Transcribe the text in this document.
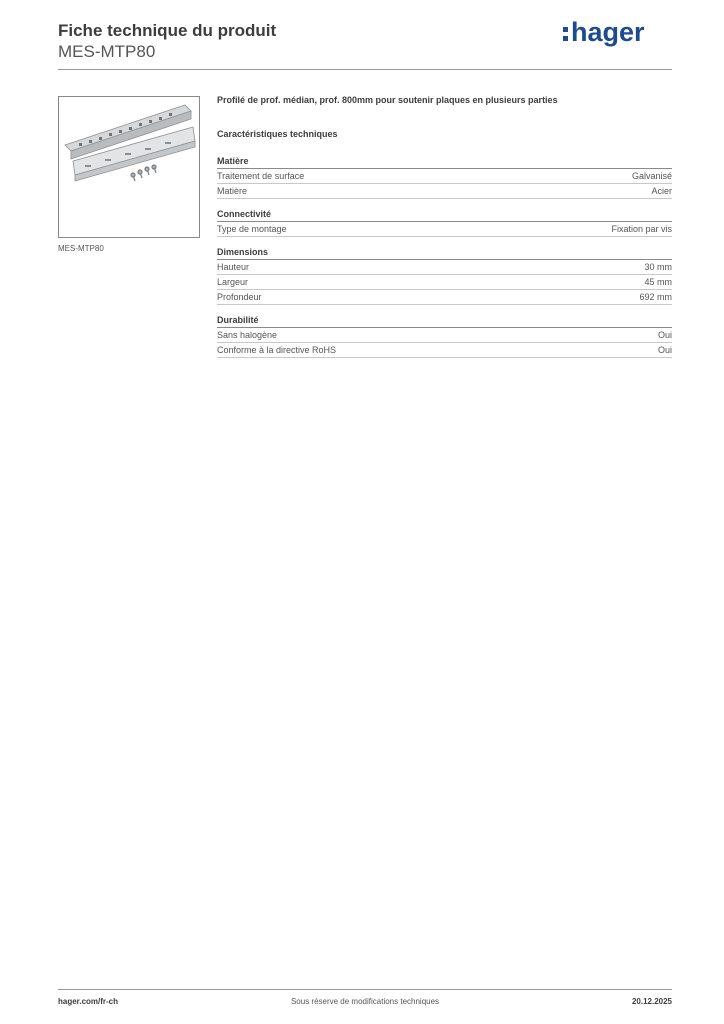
Fiche technique du produit
MES-MTP80
hager
MES-MTP80

Profilé de prof. médian, prof. 800mm pour soutenir plaques en plusieurs parties

Caractéristiques techniques
Matière
Traitement de surface	Galvanisé
Matière	Acier
Connectivité
Type de montage	Fixation par vis
Dimensions
Hauteur	30 mm
Largeur	45 mm
Profondeur	692 mm
Durabilité
Sans halogène	Oui
Conforme à la directive RoHS	Oui
Sous réserve de modifications techniques
hager.com/fr-ch	20.12.2025
